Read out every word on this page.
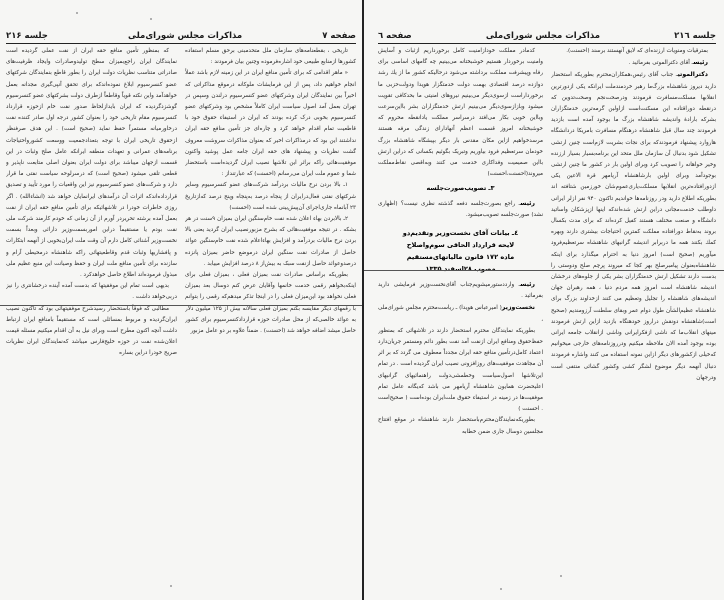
صفحه ۷
مذاکرات مجلس شورای‌ملی
جلسه ۲۱۶

تاریخی ، بقطعنامه‌های سازمان ملل متحد‌مبنی برحق مسلم استفاده کشورها ازمنابع طبیعی خود اشاره‌فرموده وچنین بیان فرمودند :

« ماهر اقدامی که برای تأمین منافع ایران در این زمینه لازم باشد عملاً انجام خواهیم داد، پس از این فرمایشات ملوکانه درموقع مذاکراتی که اخیراً بین نمایندگان ایران وشرکتهای عضو کنسرسیوم درلندن وسپس در تهران بعمل آمد اصول سیاست ایران کاملاً مشخص بود وشرکتهای عضو کنسرسیوم بخوبی درک کرده بودند که ایران در استیفاء حقوق خود با قاطعیت تمام اقدام خواهد کرد و چاره‌ای جز تأمین منافع حقه ایران نداشتند این بود که درمذاکرات اخیر که بعنوان مذاکرات سروشت معروف گشت نظریات و پیشنهاد های حقه ایران جامه عمل پوشید واکنون موفقیت‌هائی راکه براثر این تلاشها نصیب ایران گردیده‌است باستحضار شما و عموم ملت ایران می‌رسانم (احسنت) که عبارتنداز :

۱ـ بالا بردن نرخ مالیات بردرآمد شرکت‌های عضو کنسرسیوم وسایر شرکتهای نفتی فعال‌درایران از پنجاه درصد به‌پنجاه وپنج درصد که‌ازتاریخ ۲۳ آبانماه جاری‌اجرای آن‌پیش‌بینی شده است (احسنت)

۲ـ بالابردن بهاء اعلان شده نفت خام‌سنگین ایران بمیزان ۹سنت در هر بشکه . در نتیجه موفقیت‌هائی که بشرح مزبورنصیب ایران گردید یعنی بالا بردن نرخ مالیات بردرآمد و افزایش بهاءاعلام شده نفت خام‌سنگین عوائد حاصل از صادرات نفت سنگین ایران درموضع حاضر بمیزان پانزده درصدوعوائد حاصل ازنفت سبک به بیش‌از ۸ درصد افزایش مییابد .

بطوریکه براساس صادرات نفت بمیزان فعلی ، بمیزان فعلی برای اینکه‌بخواهم رقمی خدمت خانمها وآقایان عرض کنم دوسال بعد بمیزان فعلی نخواهد بود این‌میزان فعلی را در اینجا تذکر میدهم‌که رقمی را بتوانم با رقمهای دیگر مقایسه بکنم بمیزان فعلی سالانه بیش از ۱۲۵ میلیون دلار به عوائد خالصی‌که از محل صادرات حوزه قرارداد‌کنسرسیوم برای کشور حاصل میشد اضافه خواهد شد (احسنت) . ضمناً علاوه بر دو عامل مزبور

که بمنظور تأمین منافع حقه ایران از نفت عملی گردیده است نمایندگان ایران راجع‌بمیزان سطح تولیدوصادرات وایجاد ظرفیت‌های صادراتی متناسب نظریات دولت ایران را بطور قاطع بنمایندگان شرکتهای عضو کنسرسیوم ابلاغ نموده‌اندکه برای تحقق آنپی‌گیری مجدانه بعمل خواهدآمد واین نکته قویاً وقاطعاً ازطرف دولت بشرکتهای عضو کنسرسیوم گوشزدگردیده که ایران بایدازلحاظ صدور نفت خام ازحوزه قرارداد کنسرسیوم مقام تاریخی خود را بعنوان کشور درجه اول صادر کننده نفت درخاورمیانه مستمراً حفظ نماید (صحیح است) . این هدف صرفنظر ازحقوق تاریخی ایران با توجه بتعدادجمعیت ووسعت کشورواحتیاجات برنامه‌های عمرانی و تعهدات منطقه ایرانکه عامل صلح وثبات در این قسمت ازجهان میباشد برای دولت ایران بعنوان اصلی متابعت ناپذیر و قطعی تلقی میشود (صحیح است) که درسرلوحه سیاست نفتی ما قرار دارد و شرکت‌های عضو کنسرسیوم نیز این واقعیات را مورد تأیید و تصدیق قرارداده‌اندکه اثرات آن درآمدهای ایرانمایان خواهد شد (انشاءالله) . اگر روزی خاطرات خودرا در تلاشهائیکه برای تأمین منافع حقه ایران از نفت بعمل آمده برشته تحریردر آورم از آن زمانی که خودم کارمند شرکت ملی نفت بودم یا مستقیماً دراین اموربسمت‌وزیر دارائی وبعداً بسمت نخست‌وزیر آشنائی کامل دارم آن وقت ملت ایران‌بخوبی از آنهمه ابتکارات و پافشاریها وثبات قدم وقاطعیتهائی راکه شاهنشاه درمحیطی آرام و سازنده برای تأمین منافع ملت ایران و حفظ وصیانت این منبع عظیم ملی مبذول فرموده‌اند اطلاع حاصل خواهدکرد .

بدیهی است تمام این موفقیتها که بدست آمده آینده درخشانتری را نیز دربی‌خواهد داشت .

مطالبی که فوقاً باستحضار رسیدشرح موفقیتهائی بود که تاکنون نصیب ایران‌گردیده و مربوط بمسائلی است که مستقیماً بامنافع ایران ارتباط داشت آنچه اکنون مطرح است وبرای نیل به آن اقدام میکنیم مسئله قیمت اعلان‌شده نفت در حوزه خلیج‌فارس میباشد که‌نمایندگان ایران نظریات صریح خودرا دراین بساره

جلسه ۲۱٦
مذاکرات مجلس شورای‌ملی
صفحه ٦

بمترقیات ومنویات ارزنده‌ای که لایق آنهستند برسند (احسنت).

رئیسـ آقای دکترالموتی بفرمائید .

دکترالموتیـ جناب آقای رئیس،همکاران‌محترم بطوریکه استحضار دارید دیروز شاهنشاه بزرگ‌ما رهبر خردمندملت ایرانکه یکی ازدورترین انقلابها مسلکت‌مسافرت فرمودند ودرصحت‌نجم وصحت‌تدوین که درنقطه دوراقتاده این مسکنت‌است ازاولین گرمه‌ترین خدمتگزاران بشرکه بارادۀ واندیشه شاهنشاه بزرگ ما بوجود آمده است بازدید فرمودند چند سال قبل شاهنشاه درهنگام مسافرت بامریکا دردانشگاه هاروارد پیشنهاد فرمودندکه برای نجات بشریت لازم‌است چنین ارتشی تشکیل شود بدنبال آن سازمان ملل متحد این برنامه‌بسیار بسیار ارزنده وخیر خواهانه را تصویب کرد وبرای اولین بار در کشور ما چنین ارتشی بوجودآمد وبرای اولین بارشاهنشاه آریامهر قرة الاعین یکی ازدورافتاده‌ترین انقلابها مسلکت‌یاری‌عموم‌شان خورزمین شتافته اند بطوریکه اطلاع دارید ودر روزنامه‌ها خواندیم تاکنون ۹۴۰ نفر ازلر ایرانی داوطلب خدمت‌مجانی دراین ارتش شده‌اندکه اینها ازپزشکان واساتید دانشگاه و صنعت مختلف هستند کفیل کرده‌اند که برای مدت بکسال بروند به‌نقاط دورافتاده مملکت کمترین احتیاجات بیشتری دارند وبهره کمك بکنند همه ما دربرابر اندیشه گرانبهای شاهنشاه سرتعظیم‌فرود میآوریم (صحیح است) امروز دنیا به احترام میگذارد برای اینکه شاهنشاه‌بعنوان پیامبرصلح بهر کجا که میروند پرچم صلح ودوستی را بدست دارند تشکیل ارتش خدمتگزاران بشر یکی از جلوه‌های درخشان اندیشه شاهنشاه است امروز همه مردم دنیا ، همه رهبران جهان اندیشه‌های شاهنشاه را تجلیل وتعظیم می کنند ازخداوند بزرگ برای شاهنشاه عظیم‌الشأن طول دوام عمر وبقای سلطنت آرزومندیم (صحیح است)شاهنشاه دونقش دراروز خودهنگاه بازدید ازاین ارتش فرمودند مینهای انقلاب‌ما که ناشی ازفکرایرانی وناشی ازانقلاب جامعه ایرانی بوده بوجود آمده الان ملاحظه میکنیم ودرروزنامه‌های خارجی میخوانیم که‌خیلی ازکشورهای دیگر ازاین نمونه استفاده می کنند واشاره فرمودند دنبال آنهمه دیگر موضوع لشگر کشی وکشور گشائی منتفی است ودرجهان

کدمادر مملکت خودازامنیت کامل برخورداریم ازثبات و آسایش وامنیت برخوردار هستیم خوشبختانه می‌بینیم چه گامهای اساسی برای رفاه وپیشرفت مملکت برداشته می‌شود درحالیکه کشور ما از یك رشد دوازده درصد اقتصادی بهمت دولت خدمتگزار هویدا ودولت‌حزبی ما برخورداراست ازسوی‌دیگر می‌بینیم نیروهای امنیتی ما بحدکافی تقویت میشود وبازازسوی‌دیگر می‌بینیم ارتش خدمتگزاران بشر بااین‌سرعت وبااین خوبی بکار می‌افتد درسراسر مملکت یادانقطه محروم که خوشبختانه امروز قسمت اعظم آنهادارای زندگی مرفه هستند مرسدخواهیم ازاین مکان مقدس بار دیگر بپیشگاه شاهنشاه بزرگ خودمان سرتعظیم فرود بیاوریم وتبریک بگوئیم بکسانی که دراین ارتش بااین صمیمیت وفداکاری خدمت می کنند وبه‌اقصی نقاط‌مملکت میروند(احسنت،احسنت)

۳ـ تصویب‌صورت‌جلسه

رئیسـ راجع بصورت‌جلسه دفعه گذشته نظری نیست؟ (اظهاری نشد) صورت‌جلسه تصویب‌میشود.

٤ـ بیانات آقای نخست‌وزیر وتقدیم‌دو
لایحه‌ قرارداد الحاقی سوم‌واصلاح
ماده ۱۷۲ قانون مالیاتهای‌مستقیم

رئیسـ وارد‌دستور‌میشویم‌جناب آقای‌نخست‌وزیر فرمایشی دارید بفرمائید .

نخست‌وزیر( امیرعباس هویدا) ـ ریاست‌محترم مجلس شورای‌ملی ،

بطوریکه نمایندگان محترم استحضار دارند در تلاشهائی که بمنظور حفظ‌حقوق ومنافع ایران ازنفت آمد نفت بطور دائم ومستمر جریان‌دارد اعتماد کامل‌درتأمین منافع حقه ایران مجدداً معطوف می گردد که بر اثر آن مجاهدت موفقیت‌های روزافزونی نصیب ایران گردیده است . در تمام این‌تلاشها اصول‌سیاست وخطمشی‌دولت راهنمائیهای گرانبهای اعلیحضرت همایون شاهنشاه آریامهر می باشد که‌یگانه عامل تمام موفقیت‌ها در زمینه در استیفاء حقوق ملت‌ایران بوده‌است ( صحیح‌است . احسنت )

بطوریکه‌نمایندگان‌محترم‌باستحضار دارند شاهنشاه در موقع افتتاح مجلسین دوسال جاری ضمن خطابه
